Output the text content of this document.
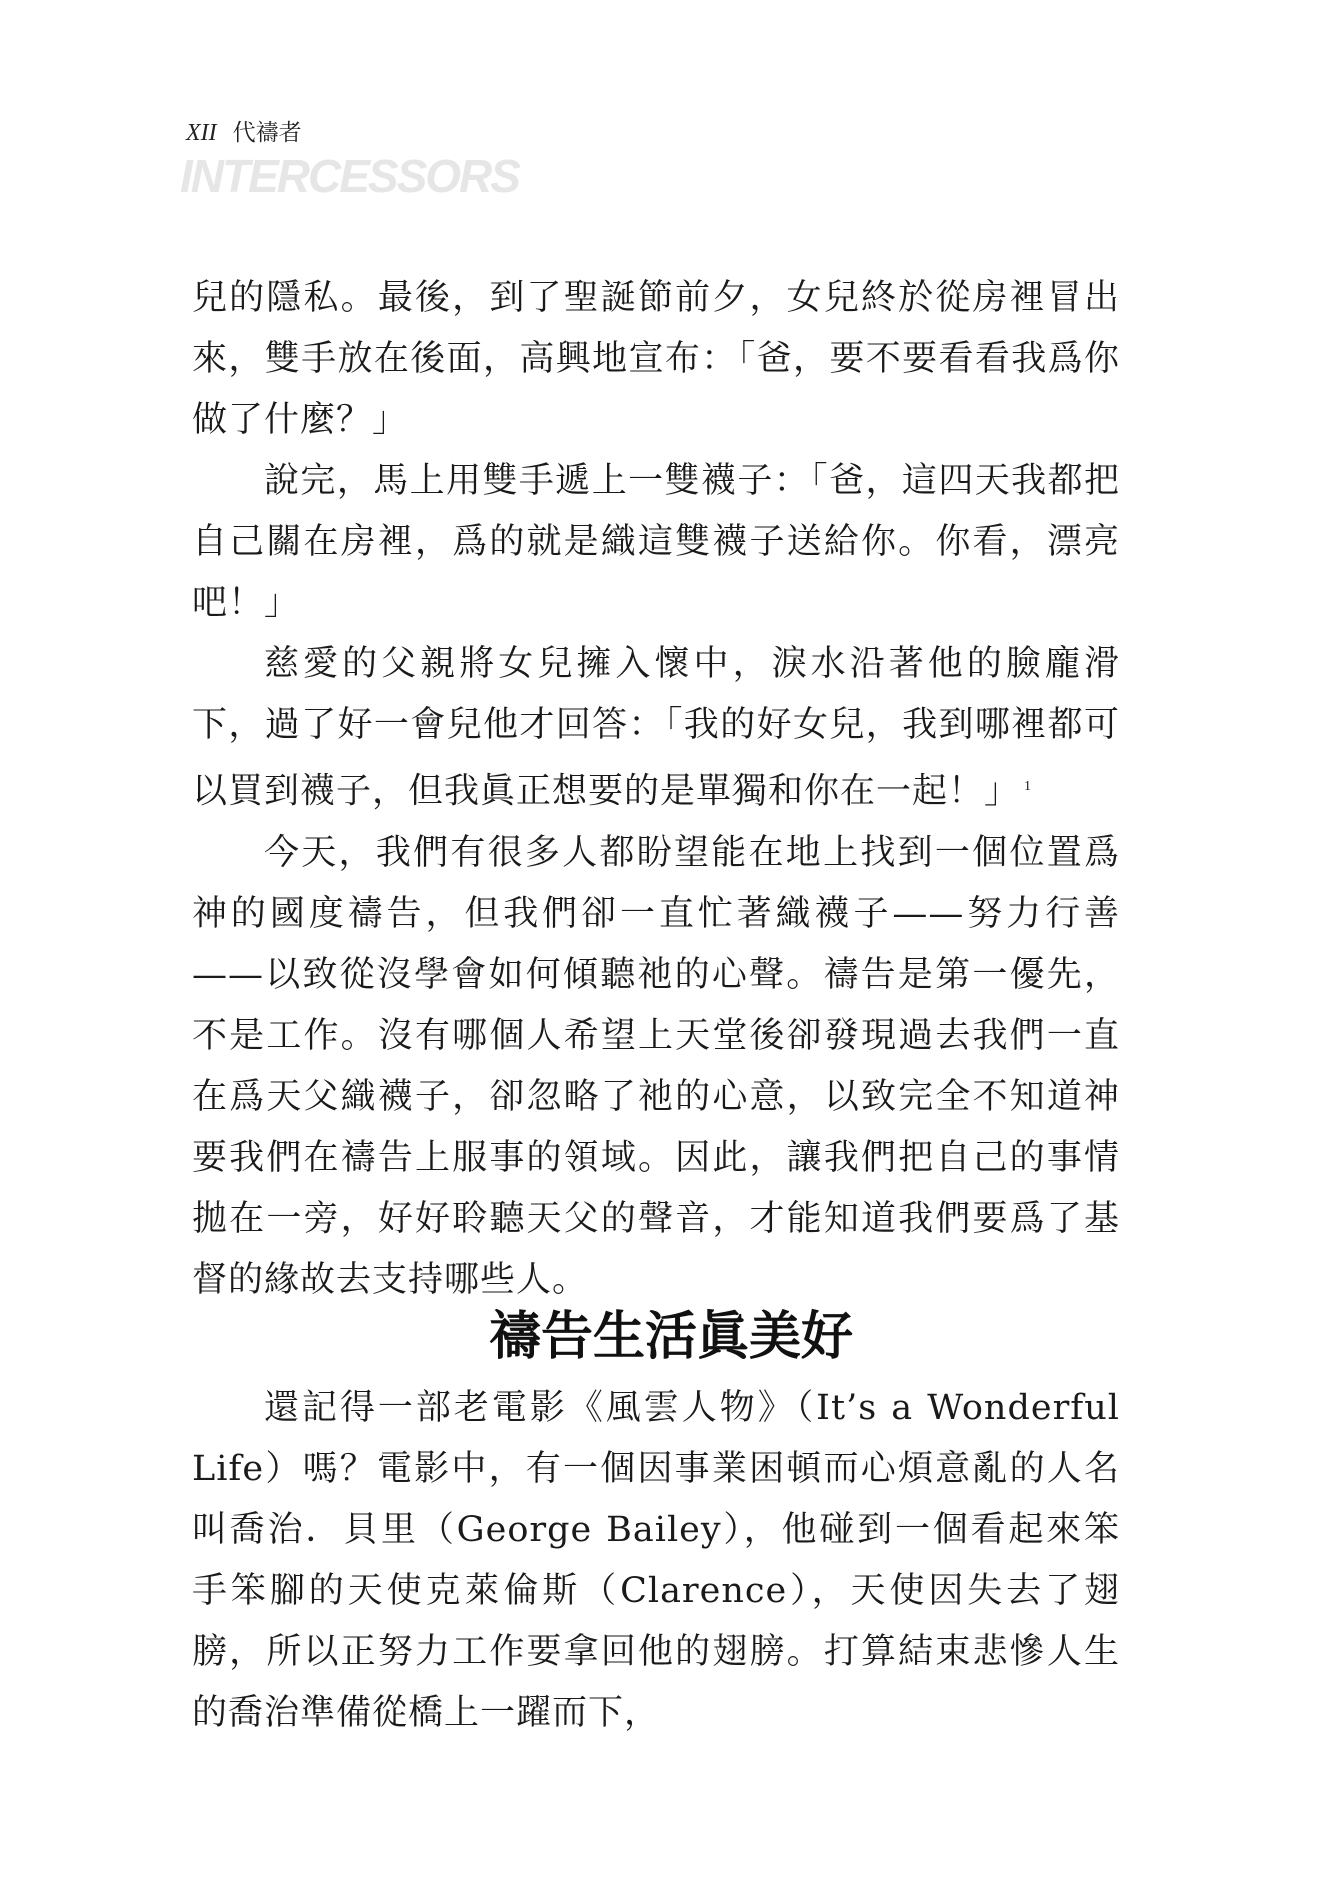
XII 代禱者
INTERCESSORS

兒的隱私。最後，到了聖誕節前夕，女兒終於從房裡冒出來，雙手放在後面，高興地宣布：「爸，要不要看看我爲你做了什麼？」

說完，馬上用雙手遞上一雙襪子：「爸，這四天我都把自己關在房裡，爲的就是織這雙襪子送給你。你看，漂亮吧！」

慈愛的父親將女兒擁入懷中，淚水沿著他的臉龐滑下，過了好一會兒他才回答：「我的好女兒，我到哪裡都可以買到襪子，但我眞正想要的是單獨和你在一起！」 $^1$

今天，我們有很多人都盼望能在地上找到一個位置爲神的國度禱告，但我們卻一直忙著織襪子——努力行善——以致從沒學會如何傾聽祂的心聲。禱告是第一優先，不是工作。沒有哪個人希望上天堂後卻發現過去我們一直在爲天父織襪子，卻忽略了祂的心意，以致完全不知道神要我們在禱告上服事的領域。因此，讓我們把自己的事情拋在一旁，好好聆聽天父的聲音，才能知道我們要爲了基督的緣故去支持哪些人。

禱告生活眞美好

還記得一部老電影《風雲人物》（It’s a Wonderful Life）嗎？電影中，有一個因事業困頓而心煩意亂的人名叫喬治．貝里（George Bailey），他碰到一個看起來笨手笨腳的天使克萊倫斯（Clarence），天使因失去了翅膀，所以正努力工作要拿回他的翅膀。打算結束悲慘人生的喬治準備從橋上一躍而下，
